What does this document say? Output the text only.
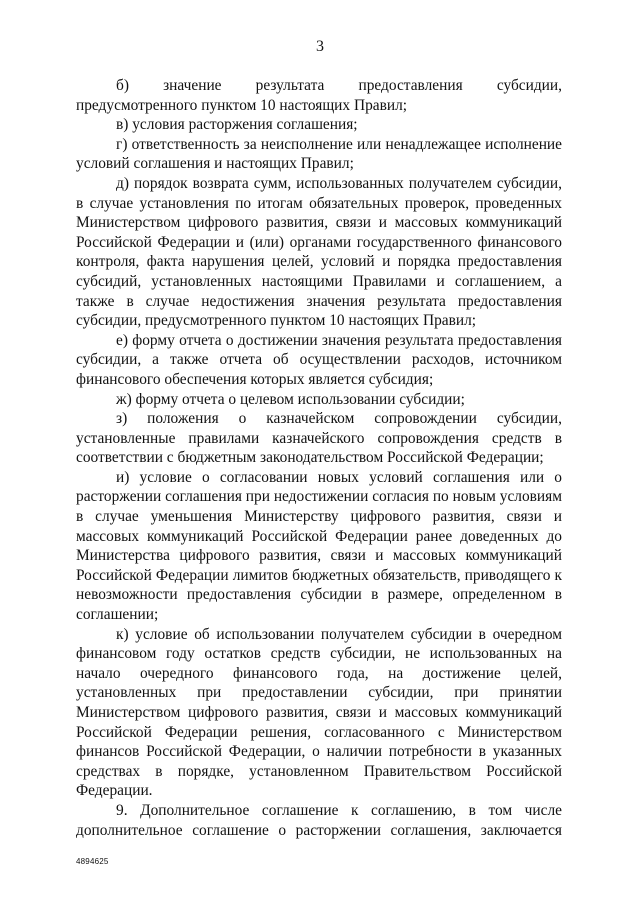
3

б) значение результата предоставления субсидии, предусмотренного пунктом 10 настоящих Правил;

в) условия расторжения соглашения;

г) ответственность за неисполнение или ненадлежащее исполнение условий соглашения и настоящих Правил;

д) порядок возврата сумм, использованных получателем субсидии, в случае установления по итогам обязательных проверок, проведенных Министерством цифрового развития, связи и массовых коммуникаций Российской Федерации и (или) органами государственного финансового контроля, факта нарушения целей, условий и порядка предоставления субсидий, установленных настоящими Правилами и соглашением, а также в случае недостижения значения результата предоставления субсидии, предусмотренного пунктом 10 настоящих Правил;

е) форму отчета о достижении значения результата предоставления субсидии, а также отчета об осуществлении расходов, источником финансового обеспечения которых является субсидия;

ж) форму отчета о целевом использовании субсидии;

з) положения о казначейском сопровождении субсидии, установленные правилами казначейского сопровождения средств в соответствии с бюджетным законодательством Российской Федерации;

и) условие о согласовании новых условий соглашения или о расторжении соглашения при недостижении согласия по новым условиям в случае уменьшения Министерству цифрового развития, связи и массовых коммуникаций Российской Федерации ранее доведенных до Министерства цифрового развития, связи и массовых коммуникаций Российской Федерации лимитов бюджетных обязательств, приводящего к невозможности предоставления субсидии в размере, определенном в соглашении;

к) условие об использовании получателем субсидии в очередном финансовом году остатков средств субсидии, не использованных на начало очередного финансового года, на достижение целей, установленных при предоставлении субсидии, при принятии Министерством цифрового развития, связи и массовых коммуникаций Российской Федерации решения, согласованного с Министерством финансов Российской Федерации, о наличии потребности в указанных средствах в порядке, установленном Правительством Российской Федерации.

9. Дополнительное соглашение к соглашению, в том числе дополнительное соглашение о расторжении соглашения, заключается

4894625
